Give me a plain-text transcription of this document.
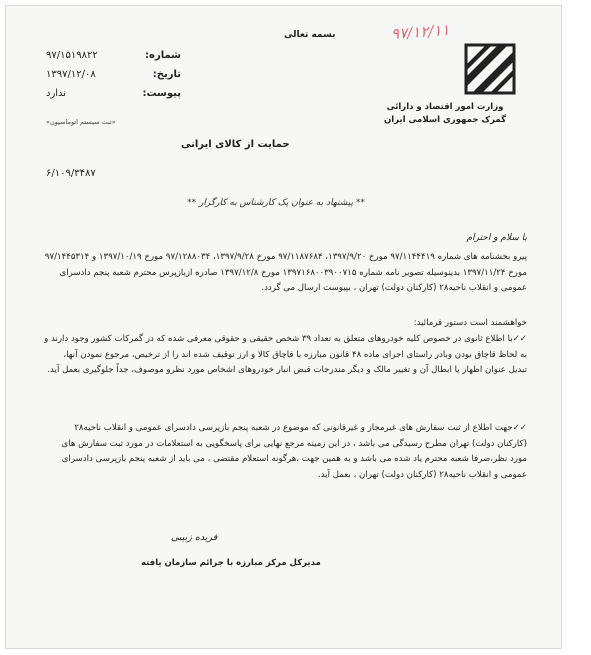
وزارت امور اقتصاد و دارائی
گمرک جمهوری اسلامی ایران
بسمه تعالی	۹۷/۱۲/۱۱
شماره:
۹۷/۱۵۱۹۸۲۲
تاریخ:
۱۳۹۷/۱۲/۰۸
پیوست:
ندارد
«ثبت سیستم اتوماسیون»
۶/۱۰۹/۳۴۸۷
حمایت از کالای ایرانی
** پیشنهاد به عنوان یک کارشناس به کارگزار **
با سلام و احترام
پیرو بخشنامه های شماره ۹۷/۱۱۴۴۴۱۹ مورخ ۱۳۹۷/۹/۲۰، ۹۷/۱۱۸۷۶۸۴ مورخ ۱۳۹۷/۹/۲۸، ۹۷/۱۲۸۸۰۳۴ مورخ ۱۳۹۷/۱۰/۱۹ و ۹۷/۱۴۴۵۳۱۴ مورخ ۱۳۹۷/۱۱/۲۴ بدینوسیله تصویر نامه شماره ۱۳۹۷۱۶۸۰۰۳۹۰۰۷۱۵ مورخ ۱۳۹۷/۱۲/۸ صادره ازبازپرس محترم شعبه پنجم دادسرای عمومی و انقلاب ناحیه۲۸ (کارکنان دولت) تهران ، بپیوست ارسال می گردد.
خواهشمند است دستور فرمائید:
✓✓با اطلاع ثانوی در خصوص کلیه خودروهای متعلق به تعداد ۳۹ شخص حقیقی و حقوقی معرفی شده که در گمرکات کشور وجود دارند و به لحاظ قاچاق بودن وبادر راستای اجرای ماده ۴۸ قانون مبارزه با قاچاق کالا و ارز توقیف شده اند را از ترخیص، مرجوع نمودن آنها، تبدیل عنوان اظهار یا ابطال آن و تغییر مالک و دیگر مندرجات قبض انبار خودروهای اشخاص مورد نظرو موصوف، جداً جلوگیری بعمل آید.
✓✓جهت اطلاع از ثبت سفارش های غیرمجاز و غیرقانونی که موضوع در شعبه پنجم بازپرسی دادسرای عمومی و انقلاب ناحیه۲۸ (کارکنان دولت) تهران مطرح رسیدگی می باشد ، در این زمینه مرجع نهایی برای پاسخگویی به استعلامات در مورد ثبت سفارش های مورد نظر،صرفا شعبه محترم یاد شده می باشد و به همین جهت ،هرگونه استعلام مقتضی ، می باید از شعبه پنجم بازپرسی دادسرای عمومی و انقلاب ناحیه۲۸ (کارکنان دولت) تهران ، بعمل آید.
فریده زبیبی
مدیرکل مرکز مبارزه با جرائم سازمان یافته
